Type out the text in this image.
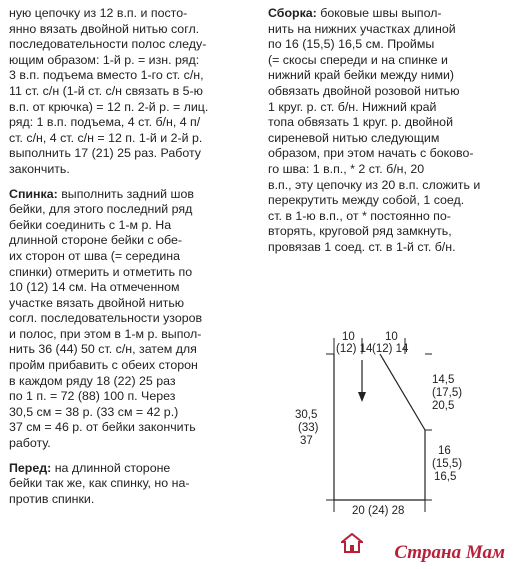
ную цепочку из 12 в.п. и посто-
янно вязать двойной нитью согл.
последовательности полос следу-
ющим образом: 1-й р. = изн. ряд:
3 в.п. подъема вместо 1-го ст. с/н,
11 ст. с/н (1-й ст. с/н связать в 5-ю
в.п. от крючка) = 12 п. 2-й р. = лиц.
ряд: 1 в.п. подъема, 4 ст. б/н, 4 п/
ст. с/н, 4 ст. с/н = 12 п. 1-й и 2-й р.
выполнить 17 (21) 25 раз. Работу
закончить.

Спинка: выполнить задний шов
бейки, для этого последний ряд
бейки соединить с 1-м р. На
длинной стороне бейки с обе-
их сторон от шва (= середина
спинки) отмерить и отметить по
10 (12) 14 см. На отмеченном
участке вязать двойной нитью
согл. последовательности узоров
и полос, при этом в 1-м р. выпол-
нить 36 (44) 50 ст. с/н, затем для
пройм прибавить с обеих сторон
в каждом ряду 18 (22) 25 раз
по 1 п. = 72 (88) 100 п. Через
30,5 см = 38 р. (33 см = 42 р.)
37 см = 46 р. от бейки закончить
работу.

Перед: на длинной стороне
бейки так же, как спинку, но на-
против спинки.

Сборка: боковые швы выпол-
нить на нижних участках длиной
по 16 (15,5) 16,5 см. Проймы
(= скосы спереди и на спинке и
нижний край бейки между ними)
обвязать двойной розовой нитью
1 круг. р. ст. б/н. Нижний край
топа обвязать 1 круг. р. двойной
сиреневой нитью следующим
образом, при этом начать с боково-
го шва: 1 в.п., * 2 ст. б/н, 20
в.п., эту цепочку из 20 в.п. сложить и
перекрутить между собой, 1 соед.
ст. в 1-ю в.п., от * постоянно по-
вторять, круговой ряд замкнуть,
провязав 1 соед. ст. в 1-й ст. б/н.

10
(12) 14
10
(12) 14
14,5
(17,5)
20,5
30,5
(33)
37
16
(15,5)
16,5
20 (24) 28
Страна Мам
